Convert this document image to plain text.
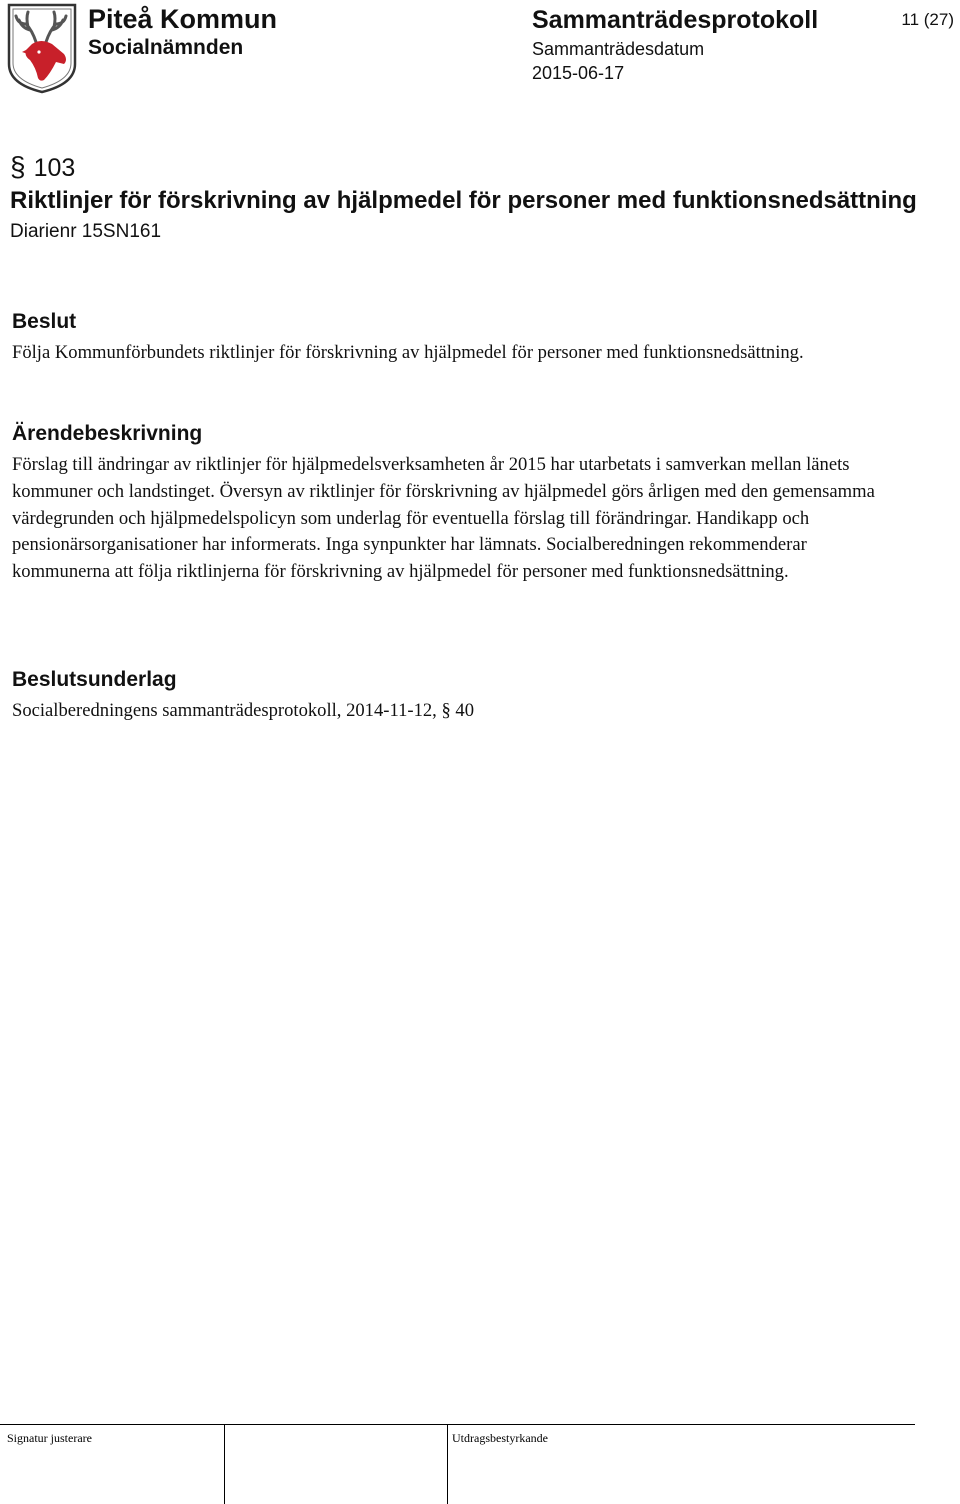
Piteå Kommun
Socialnämnden
Sammanträdesprotokoll
Sammanträdesdatum
2015-06-17
11 (27)
§ 103
Riktlinjer för förskrivning av hjälpmedel för personer med funktionsnedsättning
Diarienr 15SN161
Beslut
Följa Kommunförbundets riktlinjer för förskrivning av hjälpmedel för personer med funktionsnedsättning.
Ärendebeskrivning
Förslag till ändringar av riktlinjer för hjälpmedelsverksamheten år 2015 har utarbetats i samverkan mellan länets kommuner och landstinget. Översyn av riktlinjer för förskrivning av hjälpmedel görs årligen med den gemensamma värdegrunden och hjälpmedelspolicyn som underlag för eventuella förslag till förändringar. Handikapp och pensionärsorganisationer har informerats. Inga synpunkter har lämnats. Socialberedningen rekommenderar kommunerna att följa riktlinjerna för förskrivning av hjälpmedel för personer med funktionsnedsättning.
Beslutsunderlag
Socialberedningens sammanträdesprotokoll, 2014-11-12, § 40
Signatur justerare	Utdragsbestyrkande
